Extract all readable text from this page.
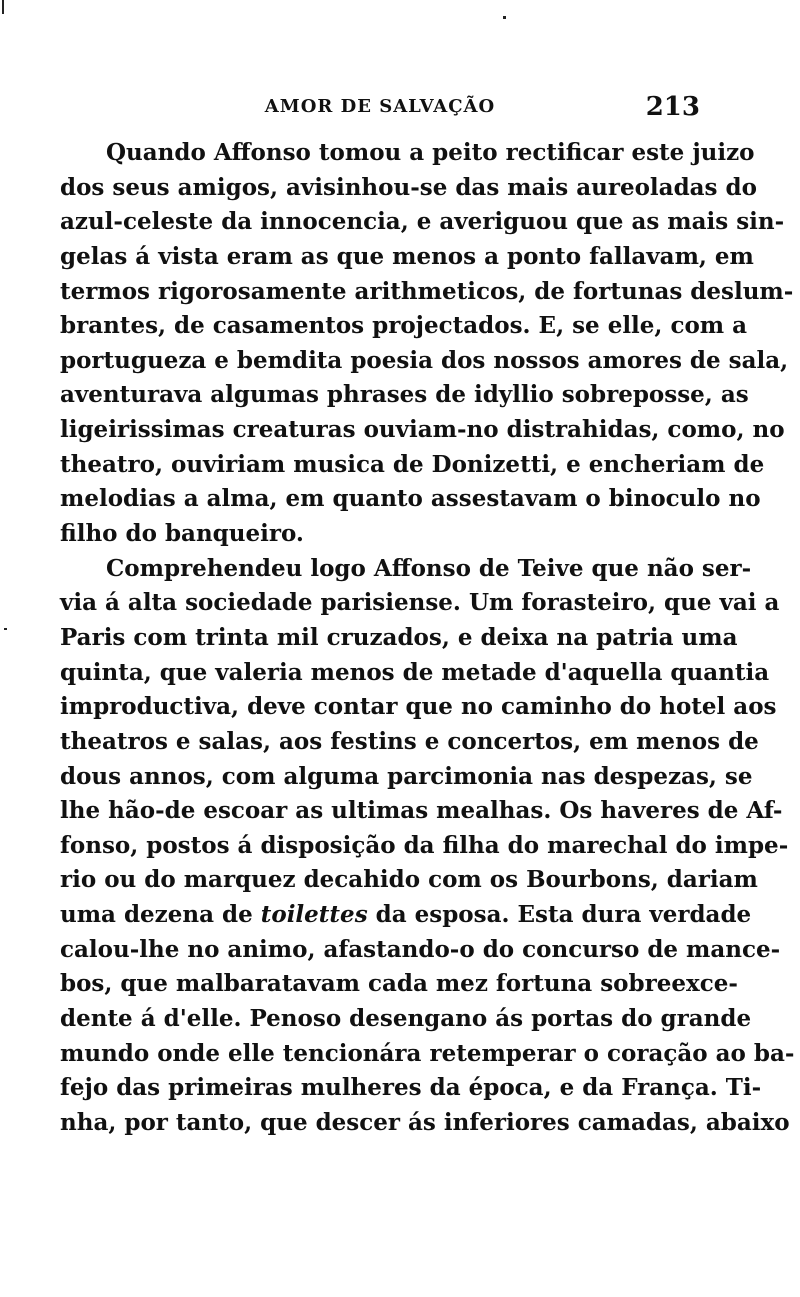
AMOR DE SALVAÇÃO	213
Quando Affonso tomou a peito rectificar este juizo
dos seus amigos, avisinhou-se das mais aureoladas do
azul-celeste da innocencia, e averiguou que as mais sin-
gelas á vista eram as que menos a ponto fallavam, em
termos rigorosamente arithmeticos, de fortunas deslum-
brantes, de casamentos projectados. E, se elle, com a
portugueza e bemdita poesia dos nossos amores de sala,
aventurava algumas phrases de idyllio sobreposse, as
ligeirissimas creaturas ouviam-no distrahidas, como, no
theatro, ouviriam musica de Donizetti, e encheriam de
melodias a alma, em quanto assestavam o binoculo no
filho do banqueiro.
Comprehendeu logo Affonso de Teive que não ser-
via á alta sociedade parisiense. Um forasteiro, que vai a
Paris com trinta mil cruzados, e deixa na patria uma
quinta, que valeria menos de metade d'aquella quantia
improductiva, deve contar que no caminho do hotel aos
theatros e salas, aos festins e concertos, em menos de
dous annos, com alguma parcimonia nas despezas, se
lhe hão-de escoar as ultimas mealhas. Os haveres de Af-
fonso, postos á disposição da filha do marechal do impe-
rio ou do marquez decahido com os Bourbons, dariam
uma dezena de toilettes da esposa. Esta dura verdade
calou-lhe no animo, afastando-o do concurso de mance-
bos, que malbaratavam cada mez fortuna sobreexce-
dente á d'elle. Penoso desengano ás portas do grande
mundo onde elle tencionára retemperar o coração ao ba-
fejo das primeiras mulheres da época, e da França. Ti-
nha, por tanto, que descer ás inferiores camadas, abaixo
